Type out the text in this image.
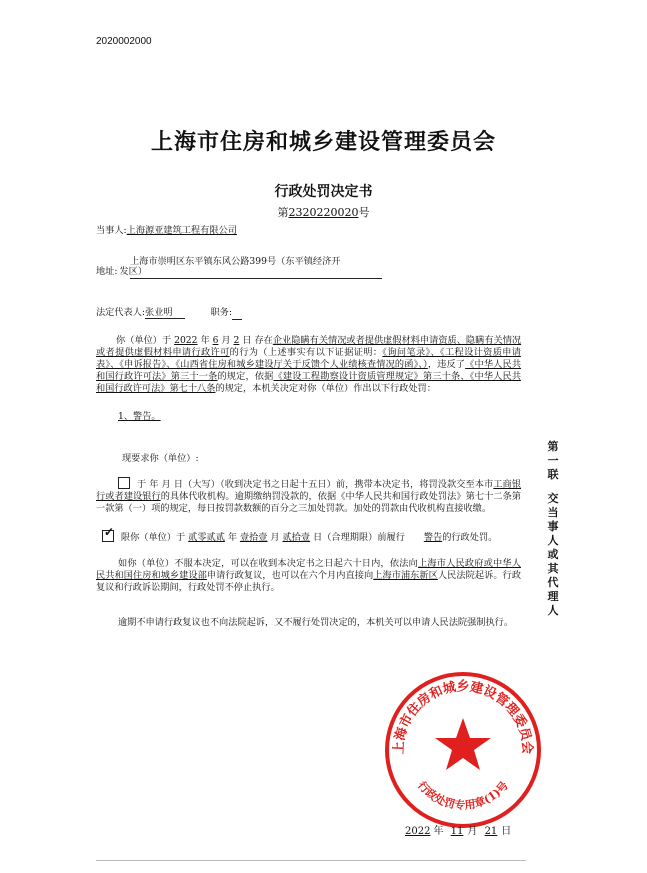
2020002000
上海市住房和城乡建设管理委员会
行政处罚决定书
第2320220020号
当事人:上海源亚建筑工程有限公司
上海市崇明区东平镇东风公路399号（东平镇经济开
地址: 发区）
法定代表人:张业明	职务:　
你（单位）于 2022 年 6 月 2 日 存在企业隐瞒有关情况或者提供虚假材料申请资质、隐瞒有关情况或者提供虚假材料申请行政许可的行为（上述事实有以下证据证明：《询问笔录》、《工程设计资质申请表》、《申诉报告》、《山西省住房和城乡建设厅关于反馈个人业绩核查情况的函》、），违反了《中华人民共和国行政许可法》第三十一条的规定，依据《建设工程勘察设计资质管理规定》第三十条、《中华人民共和国行政许可法》第七十八条的规定，本机关决定对你（单位）作出以下行政处罚：
1、警告。
现要求你（单位）:
于 年 月 日（大写）（收到决定书之日起十五日）前，携带本决定书，将罚没款交至本市工商银行或者建设银行的具体代收机构。逾期缴纳罚没款的，依据《中华人民共和国行政处罚法》第七十二条第一款第（一）项的规定，每日按罚款数额的百分之三加处罚款。加处的罚款由代收机构直接收缴。
✓ 限你（单位）于 贰零贰贰 年 壹拾壹 月 贰拾壹 日（合理期限）前履行 警告的行政处罚。
如你（单位）不服本决定，可以在收到本决定书之日起六十日内，依法向上海市人民政府或中华人民共和国住房和城乡建设部申请行政复议，也可以在六个月内直接向上海市浦东新区人民法院起诉。行政复议和行政诉讼期间，行政处罚不停止执行。
逾期不申请行政复议也不向法院起诉，又不履行处罚决定的，本机关可以申请人民法院强制执行。
第
一
联
交
当
事
人
或
其
代
理
人
上海市住房和城乡建设管理委员会
行政处罚专用章(1)号
2022 年 11 月 21 日
